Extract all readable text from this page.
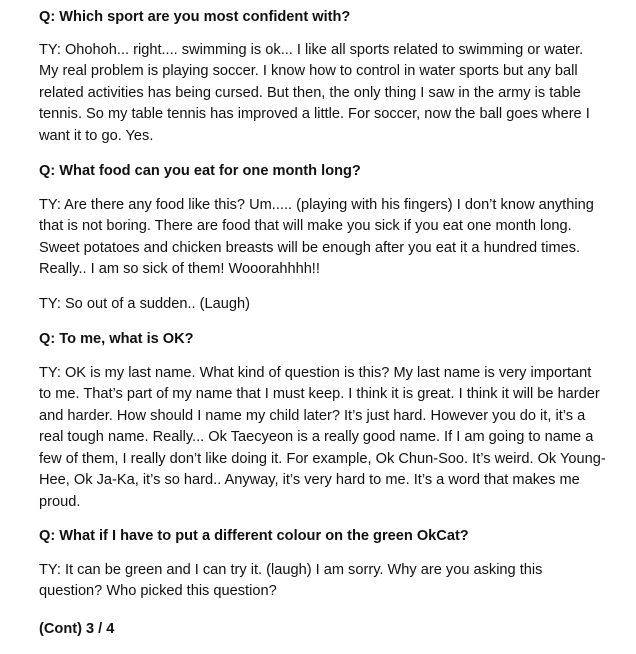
Q: Which sport are you most confident with?

TY: Ohohoh... right.... swimming is ok... I like all sports related to swimming or water. My real problem is playing soccer. I know how to control in water sports but any ball related activities has being cursed. But then, the only thing I saw in the army is table tennis. So my table tennis has improved a little. For soccer, now the ball goes where I want it to go. Yes.

Q: What food can you eat for one month long?

TY: Are there any food like this? Um..... (playing with his fingers) I don’t know anything that is not boring. There are food that will make you sick if you eat one month long. Sweet potatoes and chicken breasts will be enough after you eat it a hundred times. Really.. I am so sick of them! Wooorahhhh!!

TY: So out of a sudden.. (Laugh)

Q: To me, what is OK?

TY: OK is my last name. What kind of question is this? My last name is very important to me. That’s part of my name that I must keep. I think it is great. I think it will be harder and harder. How should I name my child later? It’s just hard. However you do it, it’s a real tough name. Really... Ok Taecyeon is a really good name. If I am going to name a few of them, I really don’t like doing it. For example, Ok Chun-Soo. It’s weird. Ok Young-Hee, Ok Ja-Ka, it’s so hard.. Anyway, it’s very hard to me. It’s a word that makes me proud.

Q: What if I have to put a different colour on the green OkCat?

TY: It can be green and I can try it. (laugh) I am sorry. Why are you asking this question? Who picked this question?

(Cont) 3 / 4
